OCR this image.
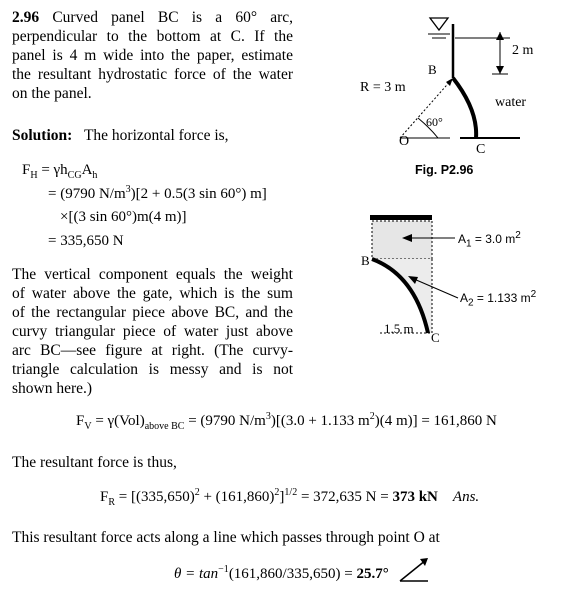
2.96 Curved panel BC is a 60° arc,
perpendicular to the bottom at C. If the
panel is 4 m wide into the paper, estimate
the resultant hydrostatic force of the water
on the panel.
Solution: The horizontal force is,
$F_H = \gamma h_{CG}A_h$
= (9790 $N/m^3)[2 + 0.5(3$ sin 60°) m]
×[(3 sin 60°)m(4 m)]
= 335,650 N
The vertical component equals the weight
of water above the gate, which is the sum
of the rectangular piece above BC, and the
curvy triangular piece of water just above
arc BC—see figure at right. (The curvy-
triangle calculation is messy and is not
shown here.)
$F_V = \gamma(Vol)_{above BC} = (9790$ $N/m^3)[(3.0 + 1.133$ $m^2)(4$ m)] = 161,860 N
The resultant force is thus,
$F_R = [(335,650)^2 + (161,860)^2]^{1/2} = 372,635$ N = 373 kN Ans.
This resultant force acts along a line which passes through point O at
$\theta = \tan^{-1}(161,860/335,650) = 25.7^\circ$
B
R = 3 m
60°
O
C
2 m
water
Fig. P2.96
B
C
$A_1 = 3.0$ $m^2$
$A_2 = 1.133$ $m^2$
1.5 m
